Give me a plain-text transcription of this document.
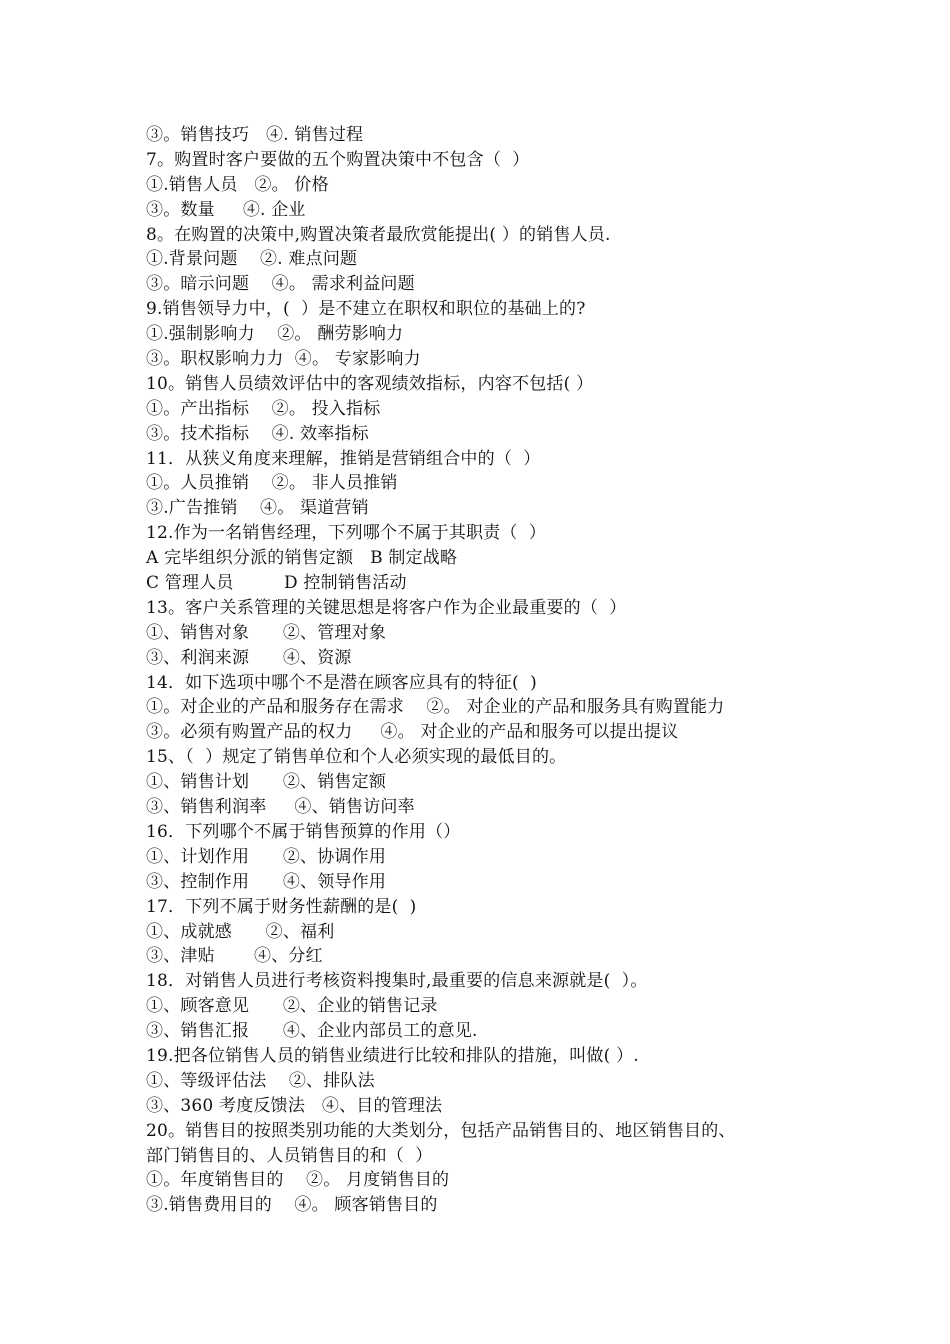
③。销售技巧   ④. 销售过程
7。购置时客户要做的五个购置决策中不包含（  ）
①.销售人员   ②。 价格
③。数量     ④. 企业
8。在购置的决策中,购置决策者最欣赏能提出( ）的销售人员.
①.背景问题    ②. 难点问题
③。暗示问题    ④。 需求利益问题
9.销售领导力中，(  ）是不建立在职权和职位的基础上的?
①.强制影响力    ②。 酬劳影响力
③。职权影响力力  ④。 专家影响力
10。销售人员绩效评估中的客观绩效指标，内容不包括( ）
①。产出指标    ②。 投入指标
③。技术指标    ④. 效率指标
11．从狭义角度来理解，推销是营销组合中的（  ）
①。人员推销    ②。 非人员推销
③.广告推销    ④。 渠道营销
12.作为一名销售经理，下列哪个不属于其职责（  ）
A 完毕组织分派的销售定额   B 制定战略
C 管理人员         D 控制销售活动
13。客户关系管理的关键思想是将客户作为企业最重要的（  ）
①、销售对象      ②、管理对象
③、利润来源      ④、资源
14．如下选项中哪个不是潜在顾客应具有的特征(  )
①。对企业的产品和服务存在需求    ②。 对企业的产品和服务具有购置能力
③。必须有购置产品的权力     ④。 对企业的产品和服务可以提出提议
15、（  ）规定了销售单位和个人必须实现的最低目的。
①、销售计划      ②、销售定额
③、销售利润率     ④、销售访问率
16．下列哪个不属于销售预算的作用（）
①、计划作用      ②、协调作用
③、控制作用      ④、领导作用
17．下列不属于财务性薪酬的是(  )
①、成就感      ②、福利
③、津贴       ④、分红
18．对销售人员进行考核资料搜集时,最重要的信息来源就是(  ）。
①、顾客意见      ②、企业的销售记录
③、销售汇报      ④、企业内部员工的意见.
19.把各位销售人员的销售业绩进行比较和排队的措施，叫做( ）.
①、等级评估法    ②、排队法
③、360 考度反馈法   ④、目的管理法
20。销售目的按照类别功能的大类划分，包括产品销售目的、地区销售目的、
部门销售目的、人员销售目的和（  ）
①。年度销售目的    ②。 月度销售目的
③.销售费用目的    ④。 顾客销售目的
